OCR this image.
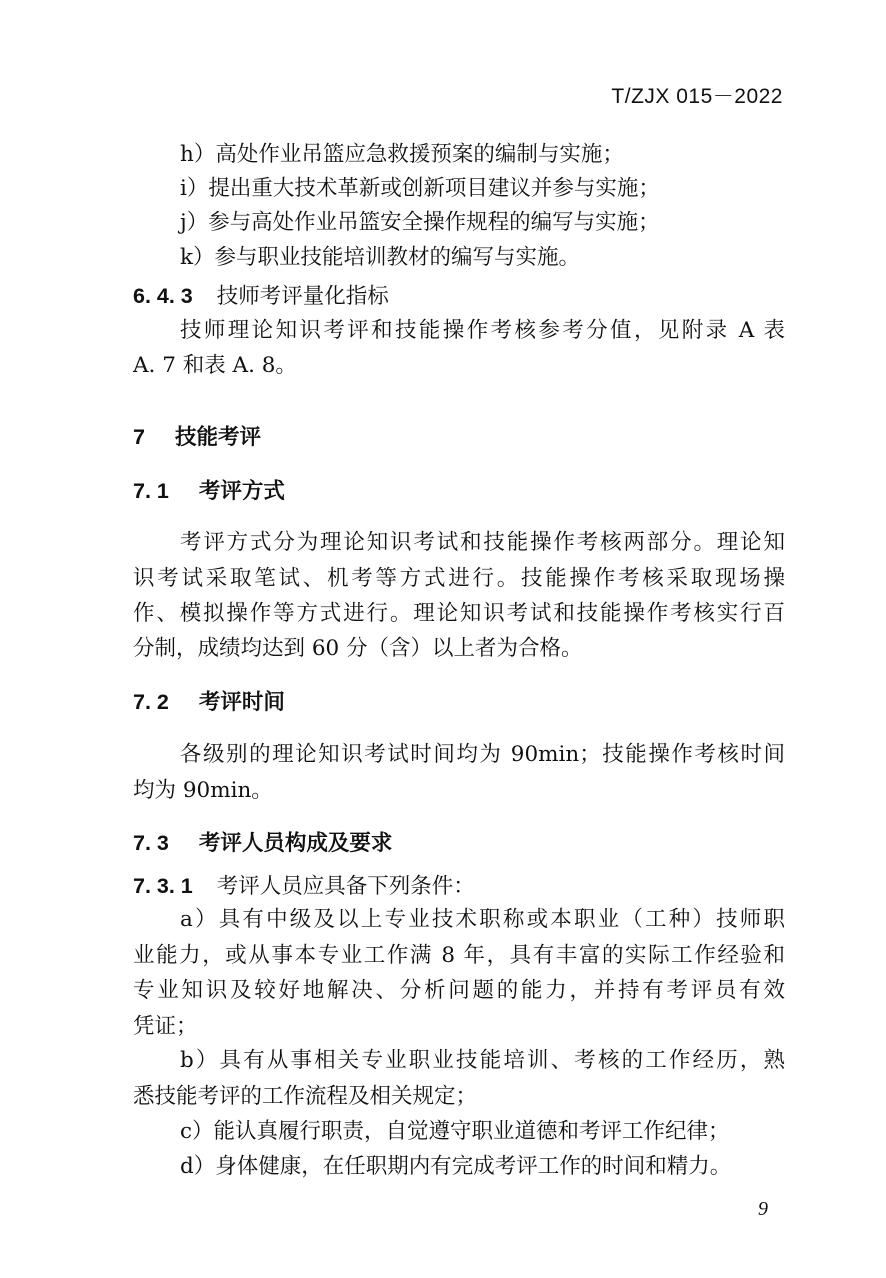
T/ZJX 015－2022
h）高处作业吊篮应急救援预案的编制与实施；
i）提出重大技术革新或创新项目建议并参与实施；
j）参与高处作业吊篮安全操作规程的编写与实施；
k）参与职业技能培训教材的编写与实施。
6. 4. 3 技师考评量化指标
技师理论知识考评和技能操作考核参考分值，见附录 A 表
A. 7 和表 A. 8。
7 技能考评
7. 1 考评方式
考评方式分为理论知识考试和技能操作考核两部分。理论知
识考试采取笔试、机考等方式进行。技能操作考核采取现场操
作、模拟操作等方式进行。理论知识考试和技能操作考核实行百
分制，成绩均达到 60 分（含）以上者为合格。
7. 2 考评时间
各级别的理论知识考试时间均为 90min；技能操作考核时间
均为 90min。
7. 3 考评人员构成及要求
7. 3. 1 考评人员应具备下列条件：
a）具有中级及以上专业技术职称或本职业（工种）技师职
业能力，或从事本专业工作满 8 年，具有丰富的实际工作经验和
专业知识及较好地解决、分析问题的能力，并持有考评员有效
凭证；
b）具有从事相关专业职业技能培训、考核的工作经历，熟
悉技能考评的工作流程及相关规定；
c）能认真履行职责，自觉遵守职业道德和考评工作纪律；
d）身体健康，在任职期内有完成考评工作的时间和精力。
9
